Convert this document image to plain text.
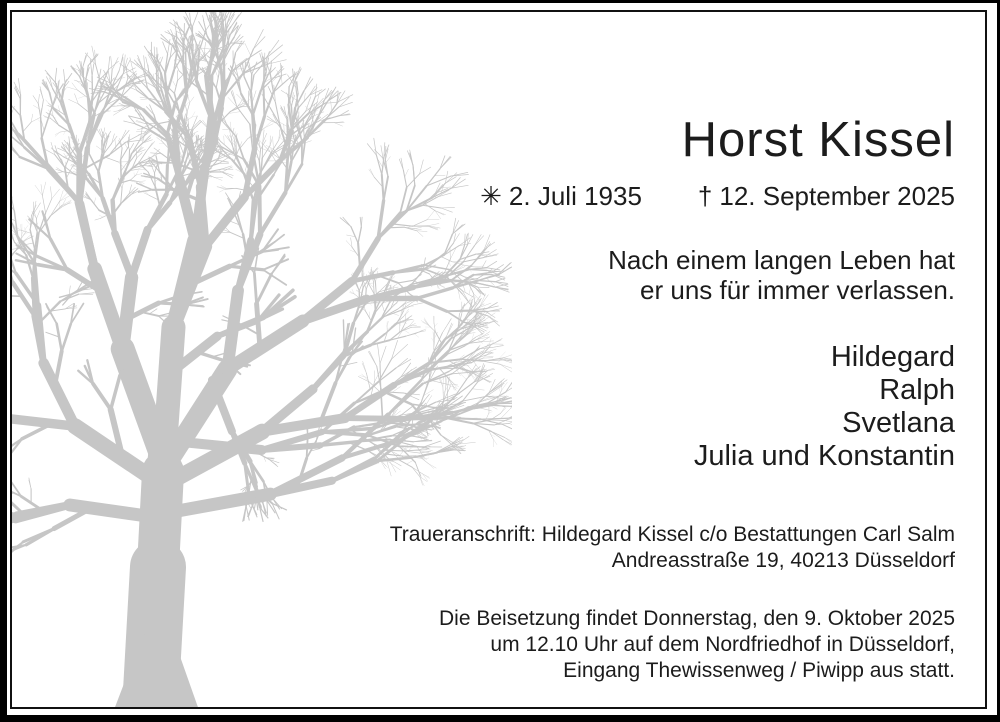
Horst Kissel
✳ 2. Juli 1935 † 12. September 2025
Nach einem langen Leben hat
er uns für immer verlassen.
Hildegard
Ralph
Svetlana
Julia und Konstantin
Traueranschrift: Hildegard Kissel c/o Bestattungen Carl Salm
Andreasstraße 19, 40213 Düsseldorf
Die Beisetzung findet Donnerstag, den 9. Oktober 2025
um 12.10 Uhr auf dem Nordfriedhof in Düsseldorf,
Eingang Thewissenweg / Piwipp aus statt.
